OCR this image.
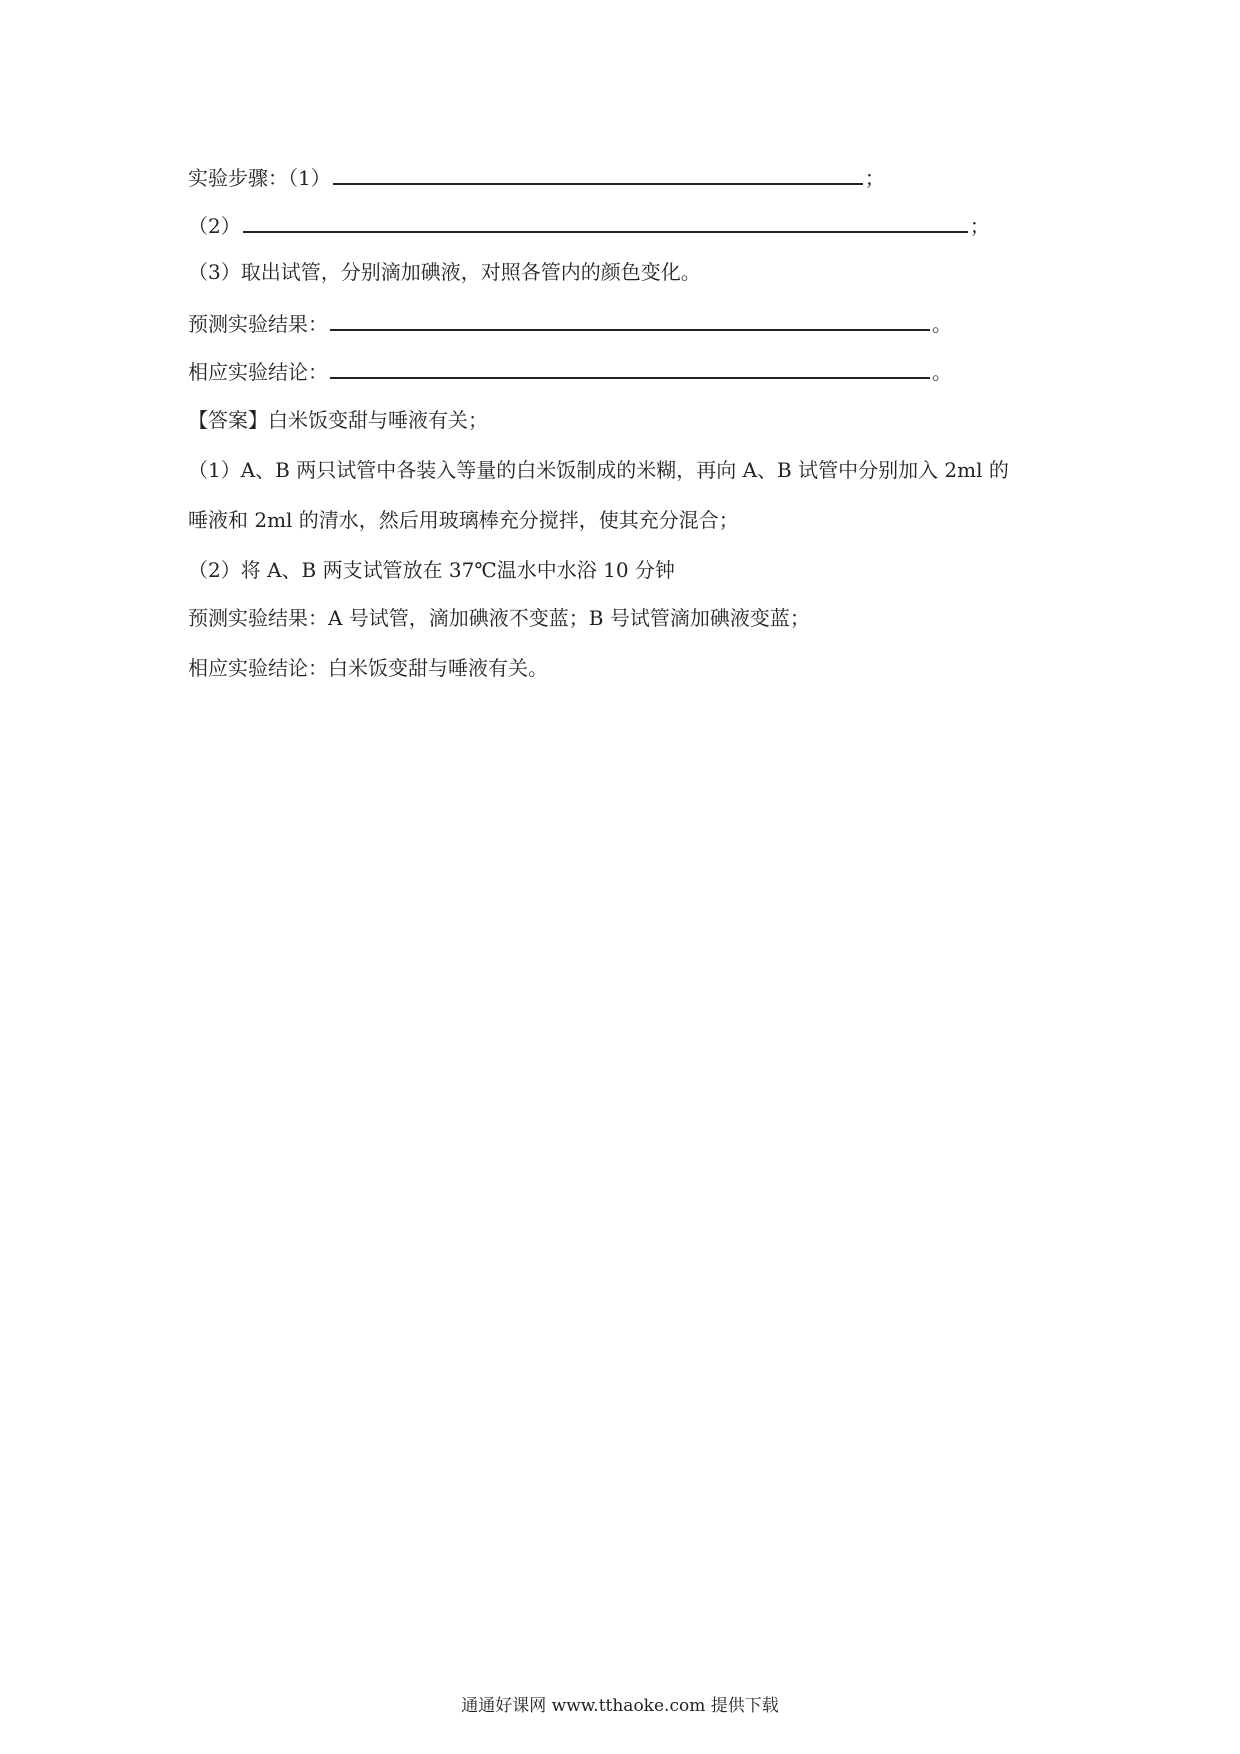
实验步骤：（1）	；
（2）	；
（3）取出试管，分别滴加碘液，对照各管内的颜色变化。
预测实验结果：	。
相应实验结论：	。
【答案】白米饭变甜与唾液有关；
（1）A、B 两只试管中各装入等量的白米饭制成的米糊，再向 A、B 试管中分别加入 2ml 的
唾液和 2ml 的清水，然后用玻璃棒充分搅拌，使其充分混合；
（2）将 A、B 两支试管放在 37℃温水中水浴 10 分钟
预测实验结果：A 号试管，滴加碘液不变蓝；B 号试管滴加碘液变蓝；
相应实验结论：白米饭变甜与唾液有关。
通通好课网 www.tthaoke.com 提供下载
